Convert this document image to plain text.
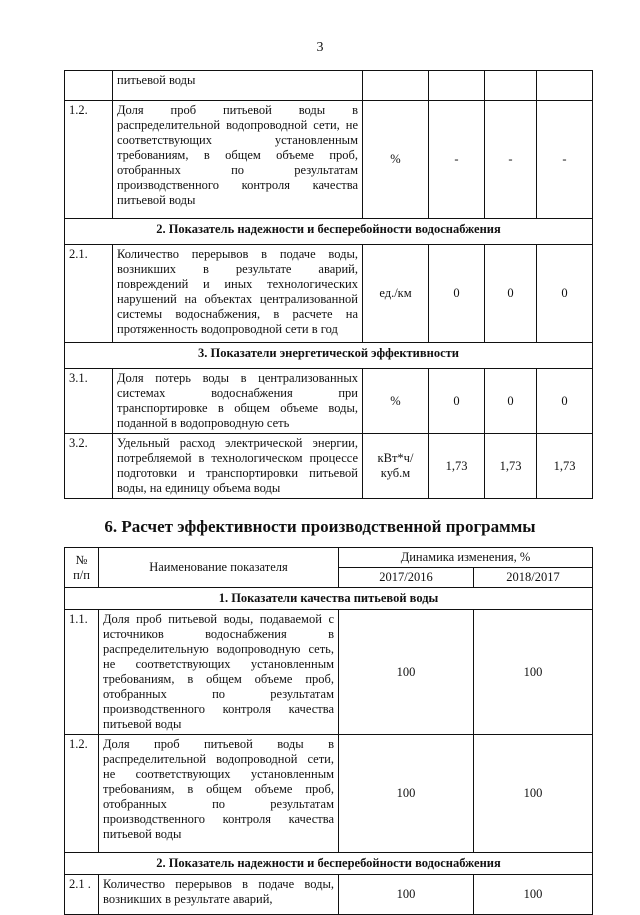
3
	питьевой воды				
1.2.	Доля проб питьевой воды в распределительной водопроводной сети, не соответствующих установленным требованиям, в общем объеме проб, отобранных по результатам производственного контроля качества питьевой воды	%	-	-	-
2. Показатель надежности и бесперебойности водоснабжения					
2.1.	Количество перерывов в подаче воды, возникших в результате аварий, повреждений и иных технологических нарушений на объектах централизованной системы водоснабжения, в расчете на протяженность водопроводной сети в год	ед./км	0	0	0
3. Показатели энергетической эффективности					
3.1.	Доля потерь воды в централизованных системах водоснабжения при транспортировке в общем объеме воды, поданной в водопроводную сеть	%	0	0	0
3.2.	Удельный расход электрической энергии, потребляемой в технологическом процессе подготовки и транспортировки питьевой воды, на единицу объема воды	кВт*ч/ куб.м	1,73	1,73	1,73
6. Расчет эффективности производственной программы
№ п/п	Наименование показателя	Динамика изменения, %	
		2017/2016	2018/2017
1. Показатели качества питьевой воды			
1.1.	Доля проб питьевой воды, подаваемой с источников водоснабжения в распределительную водопроводную сеть, не соответствующих установленным требованиям, в общем объеме проб, отобранных по результатам производственного контроля качества питьевой воды	100	100
1.2.	Доля проб питьевой воды в распределительной водопроводной сети, не соответствующих установленным требованиям, в общем объеме проб, отобранных по результатам производственного контроля качества питьевой воды	100	100
2. Показатель надежности и бесперебойности водоснабжения			
2.1 .	Количество перерывов в подаче воды, возникших в результате аварий,	100	100
